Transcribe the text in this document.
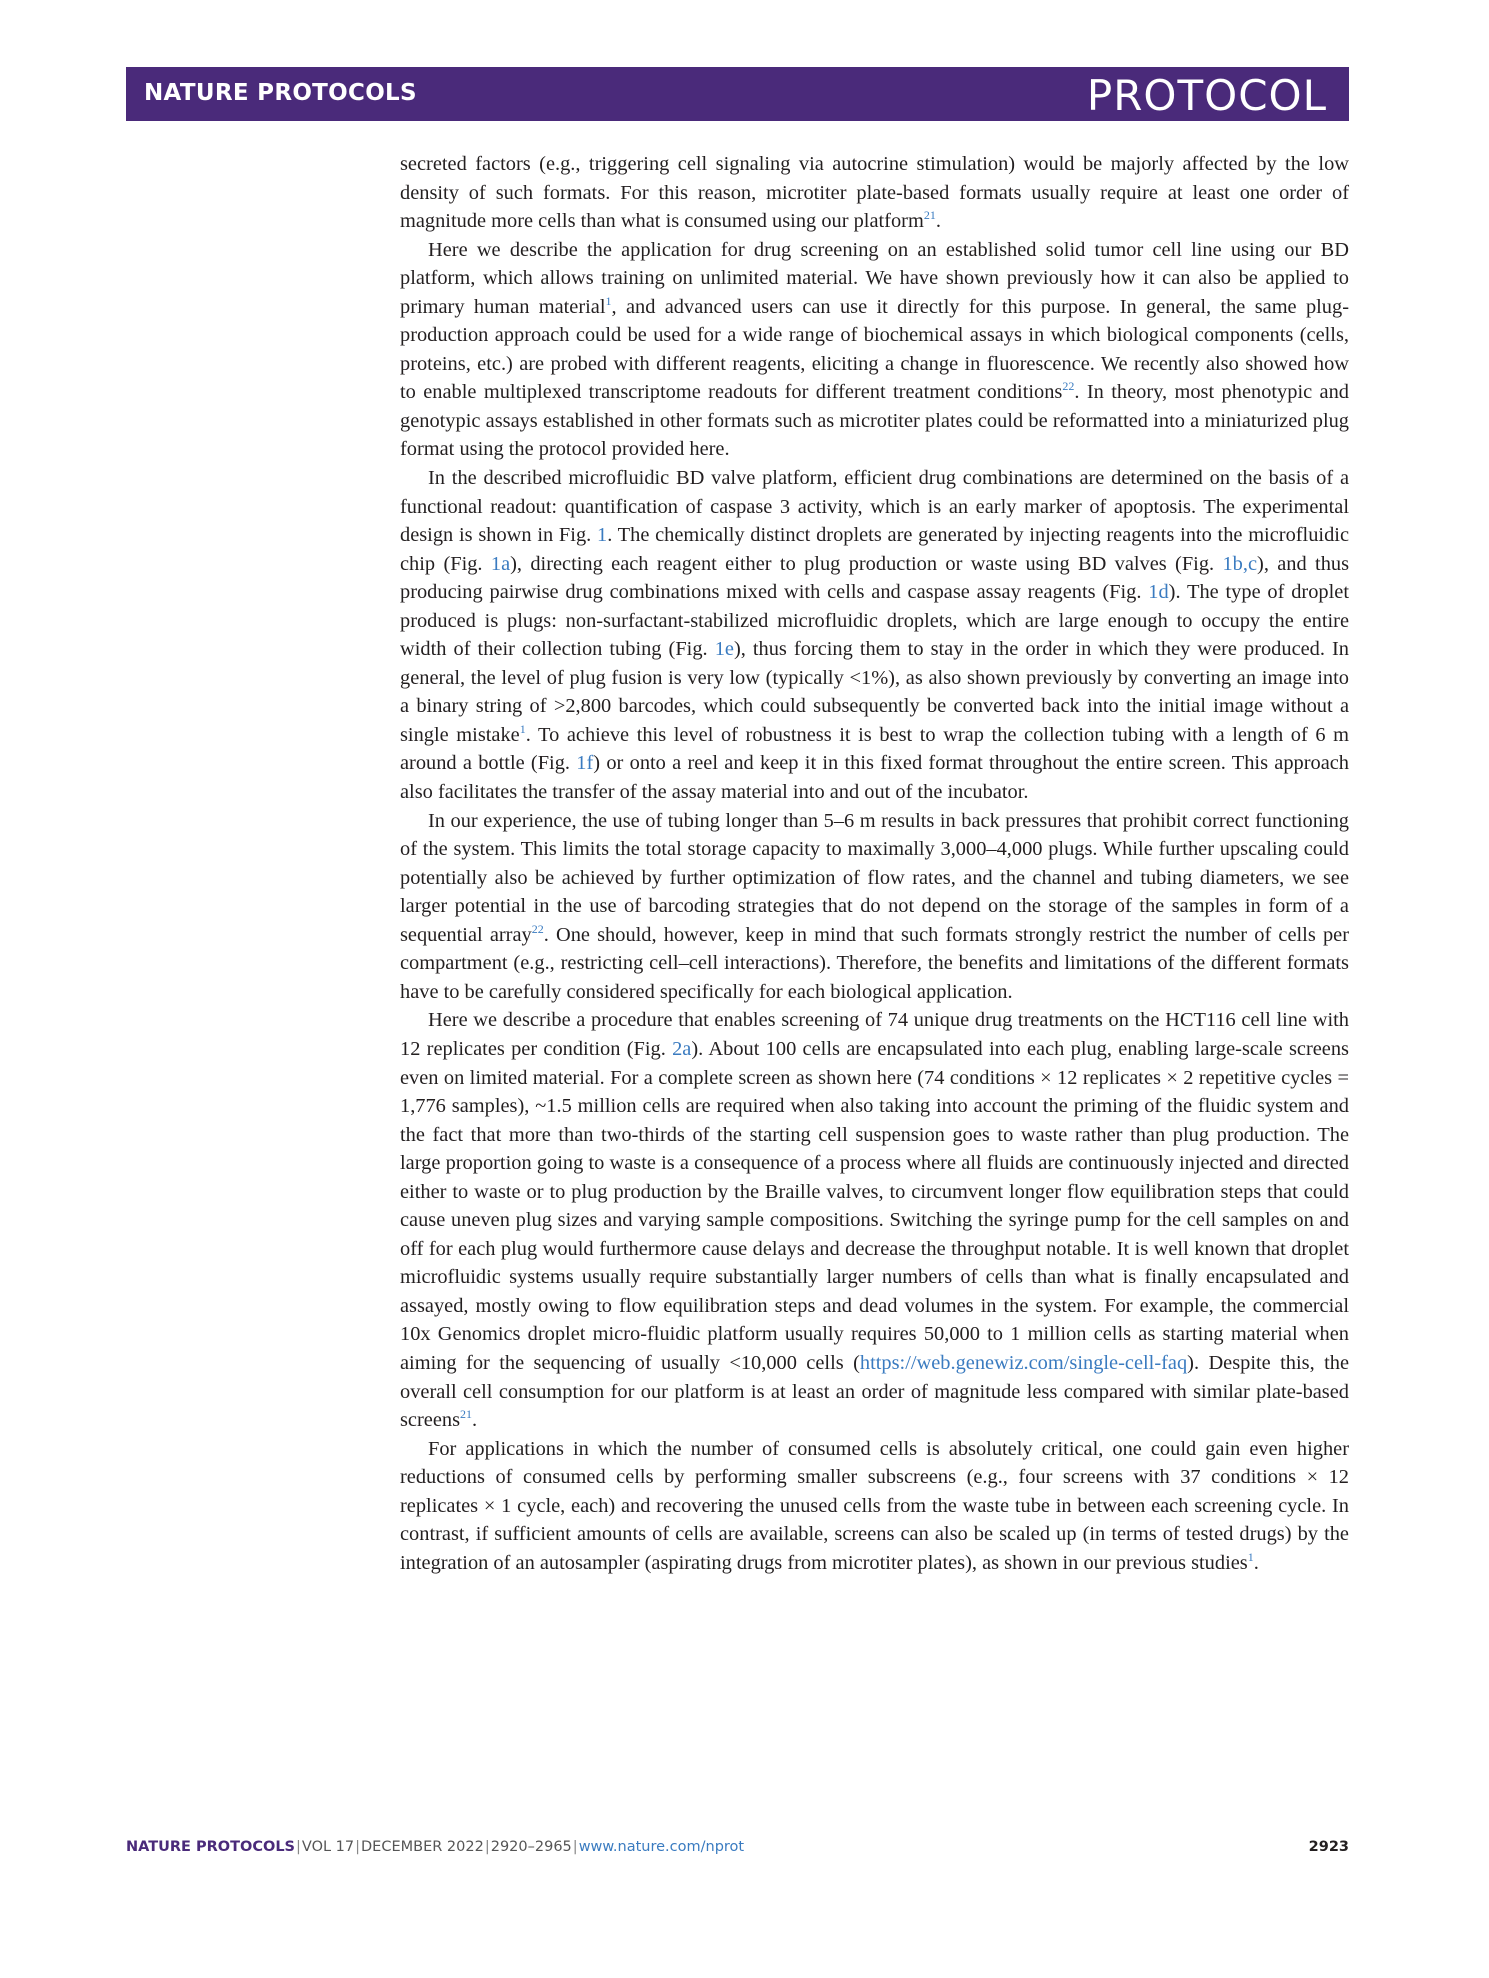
NATURE PROTOCOLS	PROTOCOL

secreted factors (e.g., triggering cell signaling via autocrine stimulation) would be majorly affected by the low density of such formats. For this reason, microtiter plate-based formats usually require at least one order of magnitude more cells than what is consumed using our platform$^{21}$.

Here we describe the application for drug screening on an established solid tumor cell line using our BD platform, which allows training on unlimited material. We have shown previously how it can also be applied to primary human material$^1$, and advanced users can use it directly for this purpose. In general, the same plug-production approach could be used for a wide range of biochemical assays in which biological components (cells, proteins, etc.) are probed with different reagents, eliciting a change in fluorescence. We recently also showed how to enable multiplexed transcriptome readouts for different treatment conditions$^{22}$. In theory, most phenotypic and genotypic assays established in other formats such as microtiter plates could be reformatted into a miniaturized plug format using the protocol provided here.

In the described microfluidic BD valve platform, efficient drug combinations are determined on the basis of a functional readout: quantification of caspase 3 activity, which is an early marker of apoptosis. The experimental design is shown in Fig. 1. The chemically distinct droplets are generated by injecting reagents into the microfluidic chip (Fig. 1a), directing each reagent either to plug production or waste using BD valves (Fig. 1b,c), and thus producing pairwise drug combinations mixed with cells and caspase assay reagents (Fig. 1d). The type of droplet produced is plugs: non-surfactant-stabilized microfluidic droplets, which are large enough to occupy the entire width of their collection tubing (Fig. 1e), thus forcing them to stay in the order in which they were produced. In general, the level of plug fusion is very low (typically <1%), as also shown previously by converting an image into a binary string of >2,800 barcodes, which could subsequently be converted back into the initial image without a single mistake$^1$. To achieve this level of robustness it is best to wrap the collection tubing with a length of 6 m around a bottle (Fig. 1f) or onto a reel and keep it in this fixed format throughout the entire screen. This approach also facilitates the transfer of the assay material into and out of the incubator.

In our experience, the use of tubing longer than 5–6 m results in back pressures that prohibit correct functioning of the system. This limits the total storage capacity to maximally 3,000–4,000 plugs. While further upscaling could potentially also be achieved by further optimization of flow rates, and the channel and tubing diameters, we see larger potential in the use of barcoding strategies that do not depend on the storage of the samples in form of a sequential array$^{22}$. One should, however, keep in mind that such formats strongly restrict the number of cells per compartment (e.g., restricting cell–cell interactions). Therefore, the benefits and limitations of the different formats have to be carefully considered specifically for each biological application.

Here we describe a procedure that enables screening of 74 unique drug treatments on the HCT116 cell line with 12 replicates per condition (Fig. 2a). About 100 cells are encapsulated into each plug, enabling large-scale screens even on limited material. For a complete screen as shown here (74 conditions × 12 replicates × 2 repetitive cycles = 1,776 samples), ~1.5 million cells are required when also taking into account the priming of the fluidic system and the fact that more than two-thirds of the starting cell suspension goes to waste rather than plug production. The large proportion going to waste is a consequence of a process where all fluids are continuously injected and directed either to waste or to plug production by the Braille valves, to circumvent longer flow equilibration steps that could cause uneven plug sizes and varying sample compositions. Switching the syringe pump for the cell samples on and off for each plug would furthermore cause delays and decrease the throughput notable. It is well known that droplet microfluidic systems usually require substantially larger numbers of cells than what is finally encapsulated and assayed, mostly owing to flow equilibration steps and dead volumes in the system. For example, the commercial 10x Genomics droplet micro-fluidic platform usually requires 50,000 to 1 million cells as starting material when aiming for the sequencing of usually <10,000 cells (https://web.genewiz.com/single-cell-faq). Despite this, the overall cell consumption for our platform is at least an order of magnitude less compared with similar plate-based screens$^{21}$.

For applications in which the number of consumed cells is absolutely critical, one could gain even higher reductions of consumed cells by performing smaller subscreens (e.g., four screens with 37 conditions × 12 replicates × 1 cycle, each) and recovering the unused cells from the waste tube in between each screening cycle. In contrast, if sufficient amounts of cells are available, screens can also be scaled up (in terms of tested drugs) by the integration of an autosampler (aspirating drugs from microtiter plates), as shown in our previous studies$^1$.

NATURE PROTOCOLS|VOL 17|DECEMBER 2022|2920–2965|www.nature.com/nprot	2923
